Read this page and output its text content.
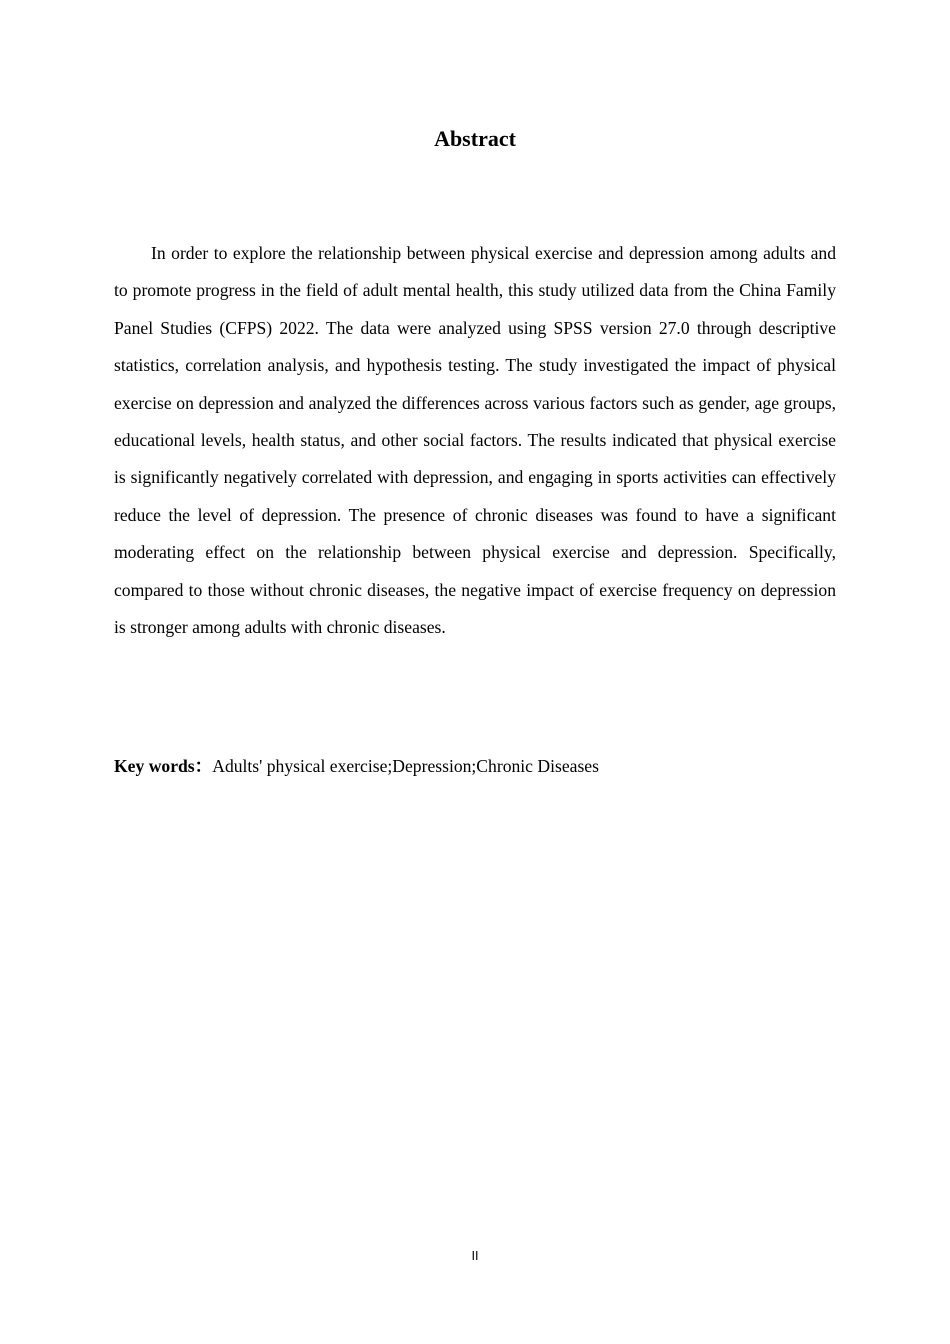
Abstract

In order to explore the relationship between physical exercise and depression among adults and to promote progress in the field of adult mental health, this study utilized data from the China Family Panel Studies (CFPS) 2022. The data were analyzed using SPSS version 27.0 through descriptive statistics, correlation analysis, and hypothesis testing. The study investigated the impact of physical exercise on depression and analyzed the differences across various factors such as gender, age groups, educational levels, health status, and other social factors. The results indicated that physical exercise is significantly negatively correlated with depression, and engaging in sports activities can effectively reduce the level of depression. The presence of chronic diseases was found to have a significant moderating effect on the relationship between physical exercise and depression. Specifically, compared to those without chronic diseases, the negative impact of exercise frequency on depression is stronger among adults with chronic diseases.

Key words：Adults' physical exercise;Depression;Chronic Diseases

II
